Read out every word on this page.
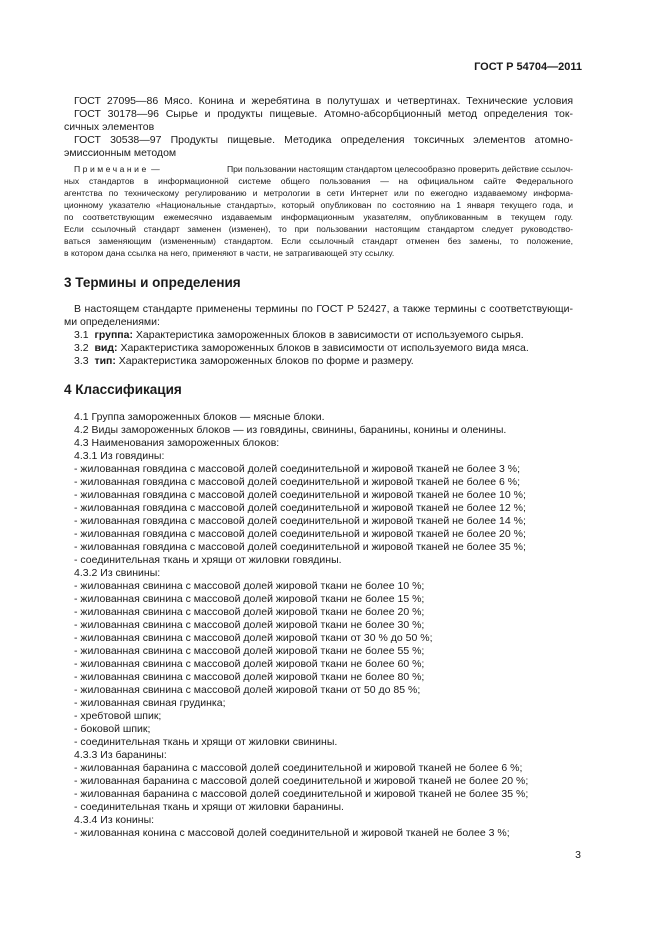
ГОСТ Р 54704—2011
ГОСТ 27095—86 Мясо. Конина и жеребятина в полутушах и четвертинах. Технические условия
ГОСТ 30178—96 Сырье и продукты пищевые. Атомно-абсорбционный метод определения ток-
сичных элементов
ГОСТ 30538—97 Продукты пищевые. Методика определения токсичных элементов атомно-
эмиссионным методом
Примечание —	При пользовании настоящим стандартом целесообразно проверить действие ссылоч-
ных стандартов в информационной системе общего пользования — на официальном сайте Федерального
агентства по техническому регулированию и метрологии в сети Интернет или по ежегодно издаваемому информа-
ционному указателю «Национальные стандарты», который опубликован по состоянию на 1 января текущего года, и
по соответствующим ежемесячно издаваемым информационным указателям, опубликованным в текущем году.
Если ссылочный стандарт заменен (изменен), то при пользовании настоящим стандартом следует руководство-
ваться заменяющим (измененным) стандартом. Если ссылочный стандарт отменен без замены, то положение,
в котором дана ссылка на него, применяют в части, не затрагивающей эту ссылку.
3 Термины и определения
В настоящем стандарте применены термины по ГОСТ Р 52427, а также термины с соответствующи-
ми определениями:
3.1 группа: Характеристика замороженных блоков в зависимости от используемого сырья.
3.2 вид: Характеристика замороженных блоков в зависимости от используемого вида мяса.
3.3 тип: Характеристика замороженных блоков по форме и размеру.
4 Классификация
4.1 Группа замороженных блоков — мясные блоки.
4.2 Виды замороженных блоков — из говядины, свинины, баранины, конины и оленины.
4.3 Наименования замороженных блоков:
4.3.1 Из говядины:
- жилованная говядина с массовой долей соединительной и жировой тканей не более 3 %;
- жилованная говядина с массовой долей соединительной и жировой тканей не более 6 %;
- жилованная говядина с массовой долей соединительной и жировой тканей не более 10 %;
- жилованная говядина с массовой долей соединительной и жировой тканей не более 12 %;
- жилованная говядина с массовой долей соединительной и жировой тканей не более 14 %;
- жилованная говядина с массовой долей соединительной и жировой тканей не более 20 %;
- жилованная говядина с массовой долей соединительной и жировой тканей не более 35 %;
- соединительная ткань и хрящи от жиловки говядины.
4.3.2 Из свинины:
- жилованная свинина с массовой долей жировой ткани не более 10 %;
- жилованная свинина с массовой долей жировой ткани не более 15 %;
- жилованная свинина с массовой долей жировой ткани не более 20 %;
- жилованная свинина с массовой долей жировой ткани не более 30 %;
- жилованная свинина с массовой долей жировой ткани от 30 % до 50 %;
- жилованная свинина с массовой долей жировой ткани не более 55 %;
- жилованная свинина с массовой долей жировой ткани не более 60 %;
- жилованная свинина с массовой долей жировой ткани не более 80 %;
- жилованная свинина с массовой долей жировой ткани от 50 до 85 %;
- жилованная свиная грудинка;
- хребтовой шпик;
- боковой шпик;
- соединительная ткань и хрящи от жиловки свинины.
4.3.3 Из баранины:
- жилованная баранина с массовой долей соединительной и жировой тканей не более 6 %;
- жилованная баранина с массовой долей соединительной и жировой тканей не более 20 %;
- жилованная баранина с массовой долей соединительной и жировой тканей не более 35 %;
- соединительная ткань и хрящи от жиловки баранины.
4.3.4 Из конины:
- жилованная конина с массовой долей соединительной и жировой тканей не более 3 %;
3
